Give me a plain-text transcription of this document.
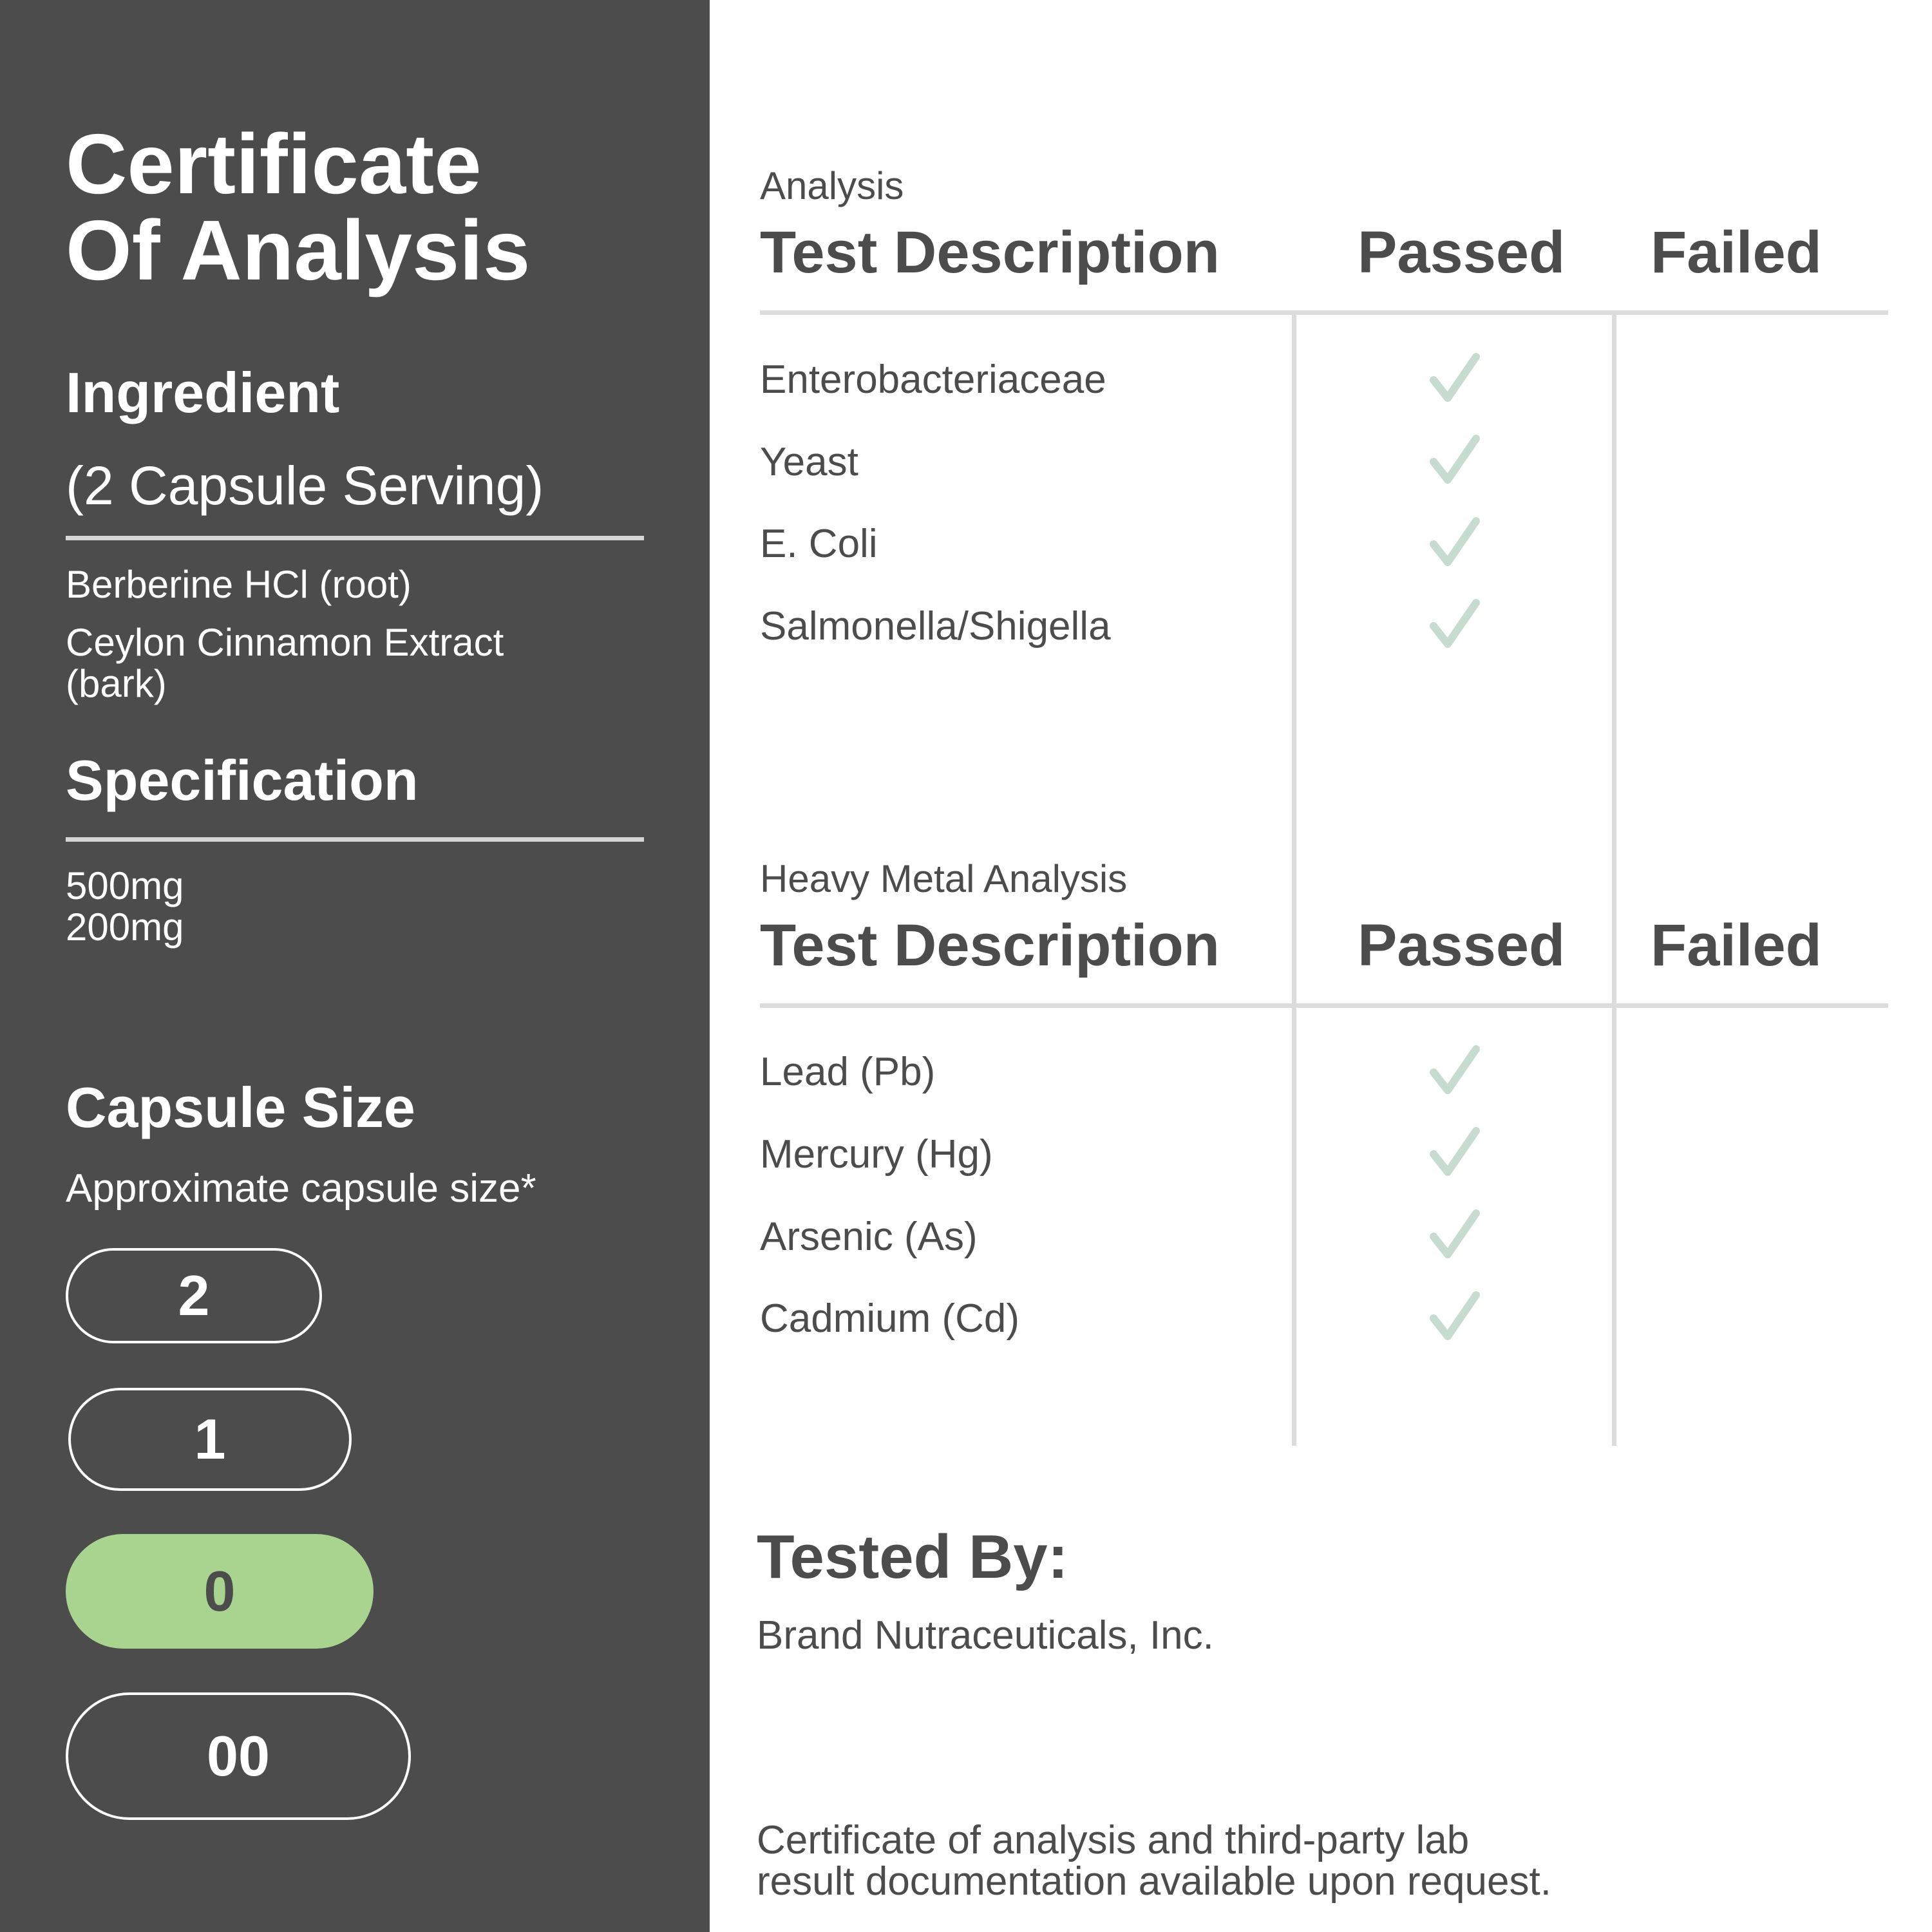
Certificate
Of Analysis
Ingredient
(2 Capsule Serving)
Berberine HCl (root)
Ceylon Cinnamon Extract
(bark)
Specification
500mg
200mg
Capsule Size
Approximate capsule size*
2
1
0
00
Analysis
Test Description Passed Failed
Enterobacteriaceae
Yeast
E. Coli
Salmonella/Shigella
Heavy Metal Analysis
Test Description Passed Failed
Lead (Pb)
Mercury (Hg)
Arsenic (As)
Cadmium (Cd)
Tested By:
Brand Nutraceuticals, Inc.
Certificate of analysis and third-party lab
result documentation available upon request.
